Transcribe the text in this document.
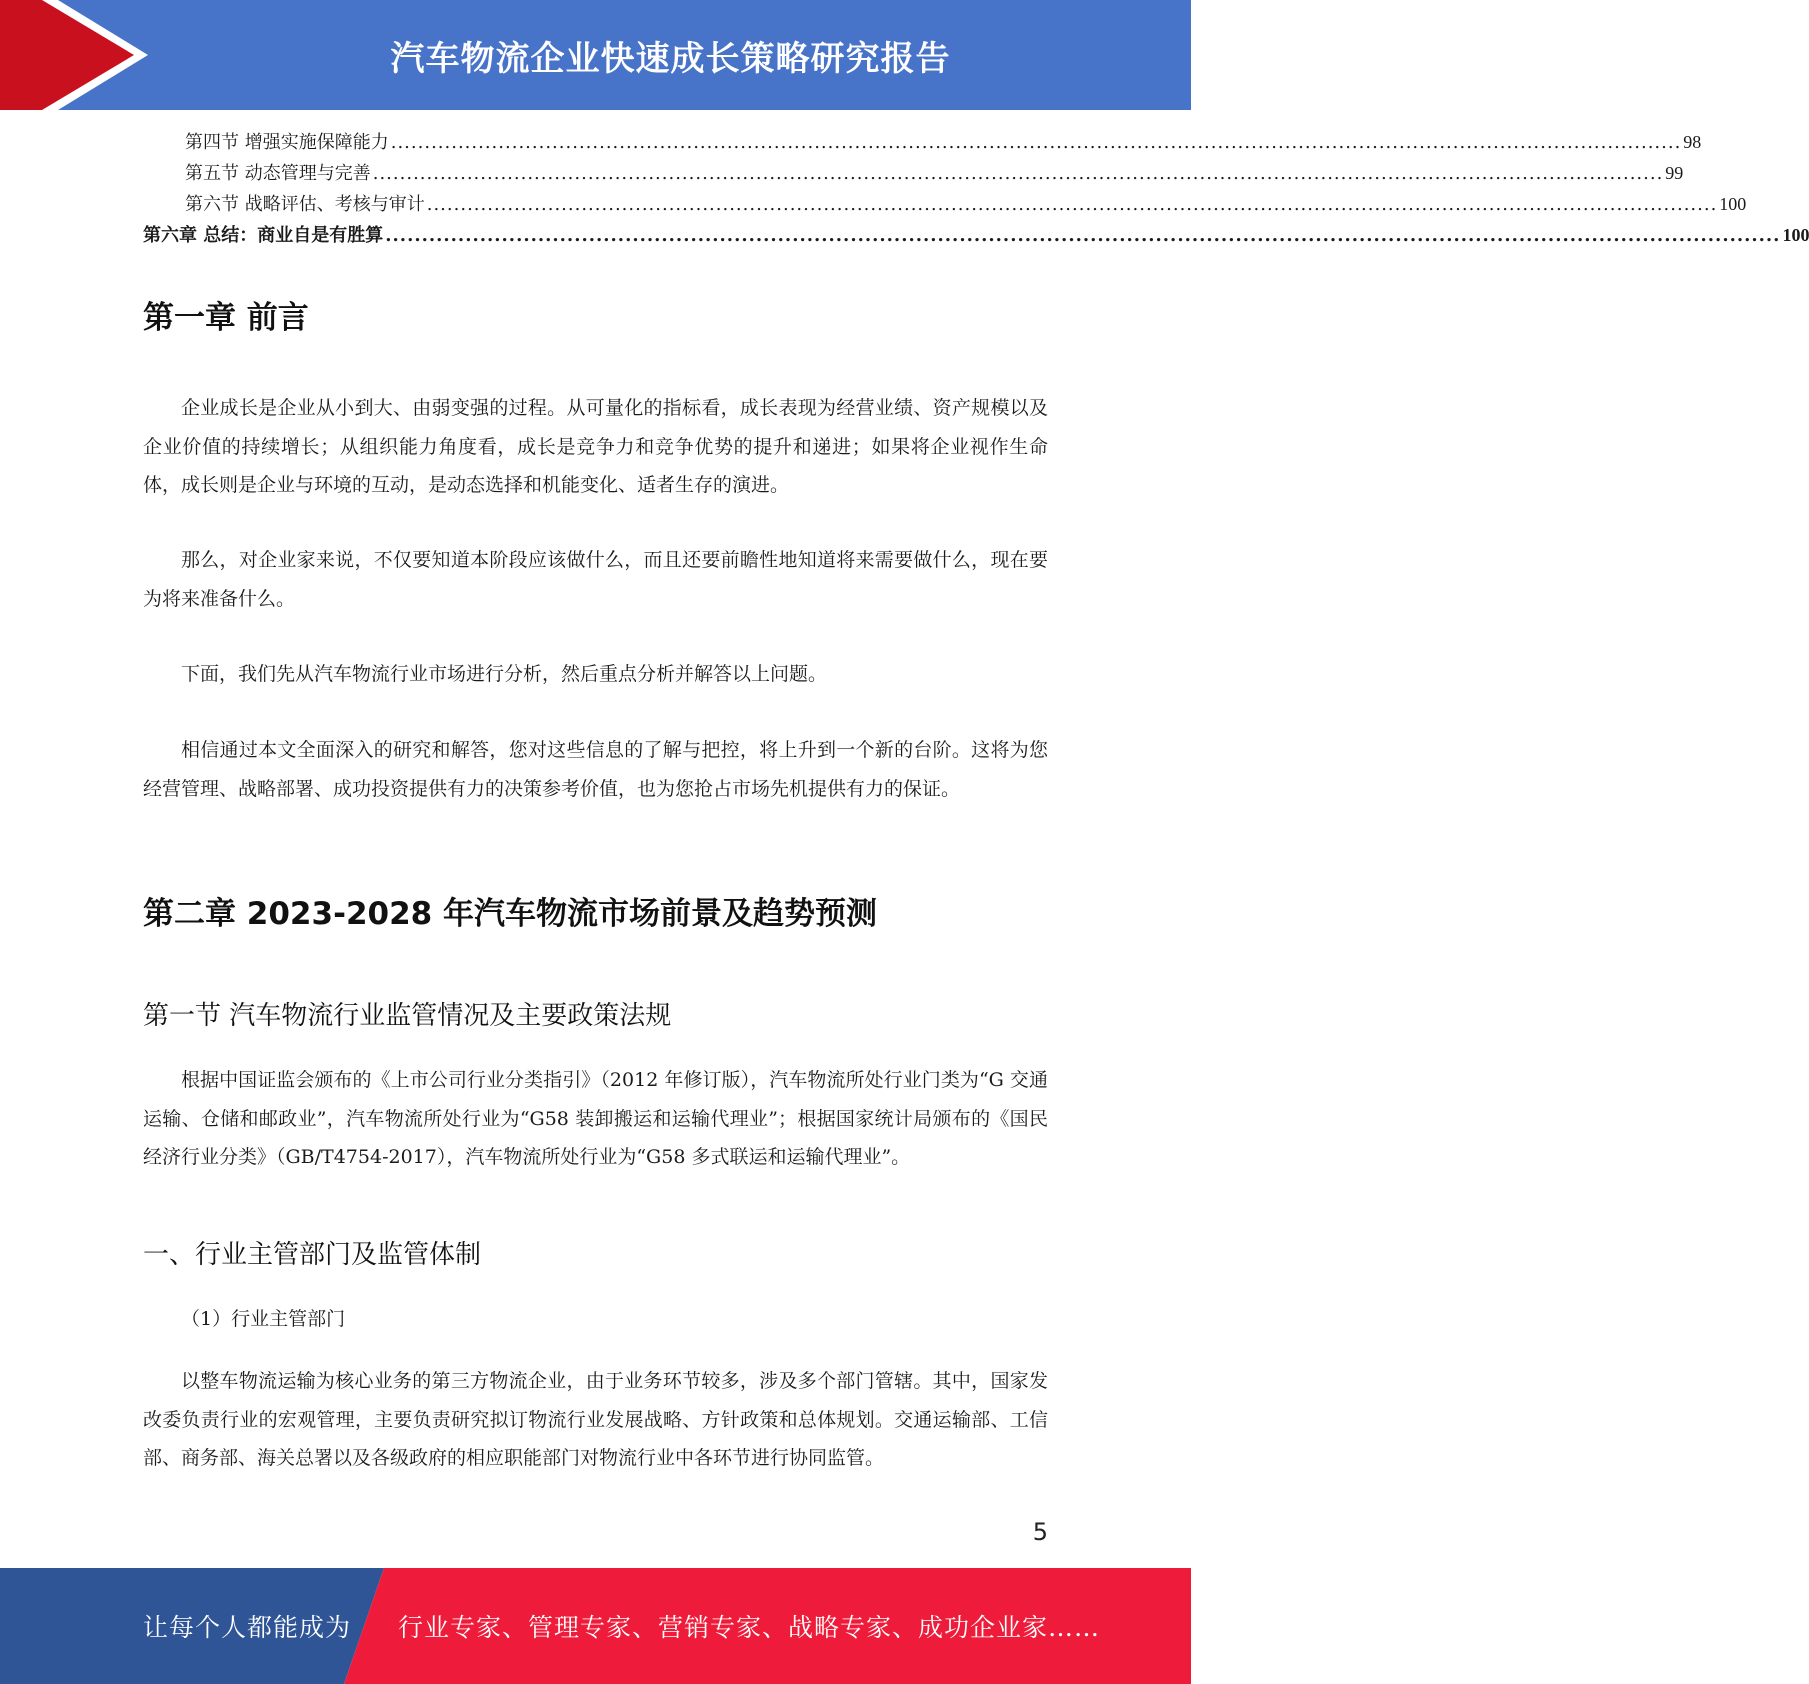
汽车物流企业快速成长策略研究报告
第四节 增强实施保障能力 ................................................................................................................................................................................................ 98
第五节 动态管理与完善 ................................................................................................................................................................................................ 99
第六节 战略评估、考核与审计 ................................................................................................................................................................................................ 100
第六章 总结：商业自是有胜算 ................................................................................................................................................................................................ 100
第一章 前言

企业成长是企业从小到大、由弱变强的过程。从可量化的指标看，成长表现为经营业绩、资产规模以及企业价值的持续增长；从组织能力角度看，成长是竞争力和竞争优势的提升和递进；如果将企业视作生命体，成长则是企业与环境的互动，是动态选择和机能变化、适者生存的演进。

那么，对企业家来说，不仅要知道本阶段应该做什么，而且还要前瞻性地知道将来需要做什么，现在要为将来准备什么。

下面，我们先从汽车物流行业市场进行分析，然后重点分析并解答以上问题。

相信通过本文全面深入的研究和解答，您对这些信息的了解与把控，将上升到一个新的台阶。这将为您经营管理、战略部署、成功投资提供有力的决策参考价值，也为您抢占市场先机提供有力的保证。

第二章 2023-2028 年汽车物流市场前景及趋势预测
第一节 汽车物流行业监管情况及主要政策法规

根据中国证监会颁布的《上市公司行业分类指引》（2012 年修订版），汽车物流所处行业门类为“G 交通运输、仓储和邮政业”，汽车物流所处行业为“G58 装卸搬运和运输代理业”；根据国家统计局颁布的《国民经济行业分类》（GB/T4754-2017），汽车物流所处行业为“G58 多式联运和运输代理业”。

一、行业主管部门及监管体制

（1）行业主管部门

以整车物流运输为核心业务的第三方物流企业，由于业务环节较多，涉及多个部门管辖。其中，国家发改委负责行业的宏观管理，主要负责研究拟订物流行业发展战略、方针政策和总体规划。交通运输部、工信部、商务部、海关总署以及各级政府的相应职能部门对物流行业中各环节进行协同监管。

5
让每个人都能成为 行业专家、管理专家、营销专家、战略专家、成功企业家……
